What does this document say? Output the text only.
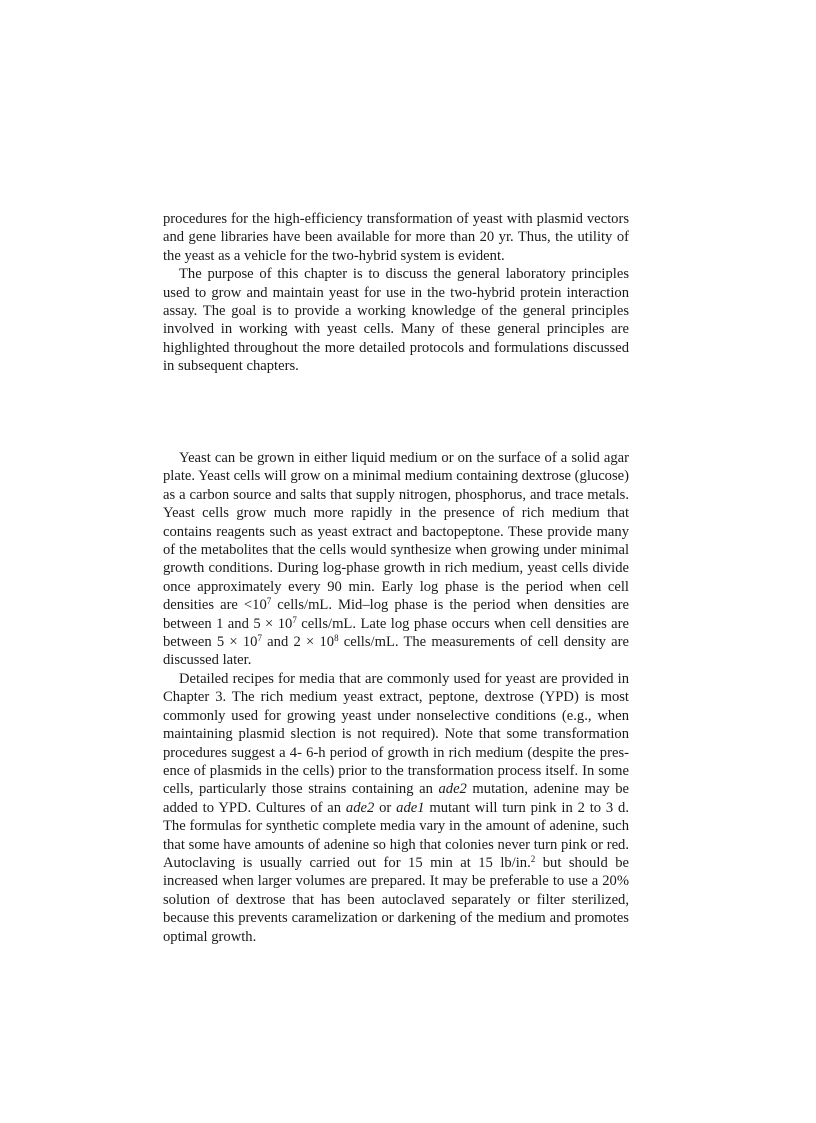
procedures for the high-efficiency transformation of yeast with plasmid vectors and gene libraries have been available for more than 20 yr. Thus, the utility of the yeast as a vehicle for the two-hybrid system is evident.

The purpose of this chapter is to discuss the general laboratory principles used to grow and maintain yeast for use in the two-hybrid protein interaction assay. The goal is to provide a working knowledge of the general principles involved in working with yeast cells. Many of these general principles are highlighted throughout the more detailed protocols and formulations discussed in subsequent chapters.

Yeast can be grown in either liquid medium or on the surface of a solid agar plate. Yeast cells will grow on a minimal medium containing dextrose (glucose) as a carbon source and salts that supply nitrogen, phosphorus, and trace metals. Yeast cells grow much more rapidly in the presence of rich medium that contains reagents such as yeast extract and bactopeptone. These provide many of the metabolites that the cells would synthesize when growing under minimal growth conditions. During log-phase growth in rich medium, yeast cells divide once approximately every 90 min. Early log phase is the period when cell densities are $<10^7$ cells/mL. Mid–log phase is the period when densities are between 1 and $5 \times 10^7$ cells/mL. Late log phase occurs when cell densities are between $5 \times 10^7$ and $2 \times 10^8$ cells/mL. The measurements of cell density are discussed later.

Detailed recipes for media that are commonly used for yeast are provided in Chapter 3. The rich medium yeast extract, peptone, dextrose (YPD) is most commonly used for growing yeast under nonselective conditions (e.g., when maintaining plasmid slection is not required). Note that some transformation procedures suggest a 4- 6-h period of growth in rich medium (despite the presence of plasmids in the cells) prior to the transformation process itself. In some cells, particularly those strains containing an ade2 mutation, adenine may be added to YPD. Cultures of an ade2 or ade1 mutant will turn pink in 2 to 3 d. The formulas for synthetic complete media vary in the amount of adenine, such that some have amounts of adenine so high that colonies never turn pink or red. Autoclaving is usually carried out for 15 min at 15 lb/in.$^2$ but should be increased when larger volumes are prepared. It may be preferable to use a 20% solution of dextrose that has been autoclaved separately or filter sterilized, because this prevents caramelization or darkening of the medium and promotes optimal growth.
